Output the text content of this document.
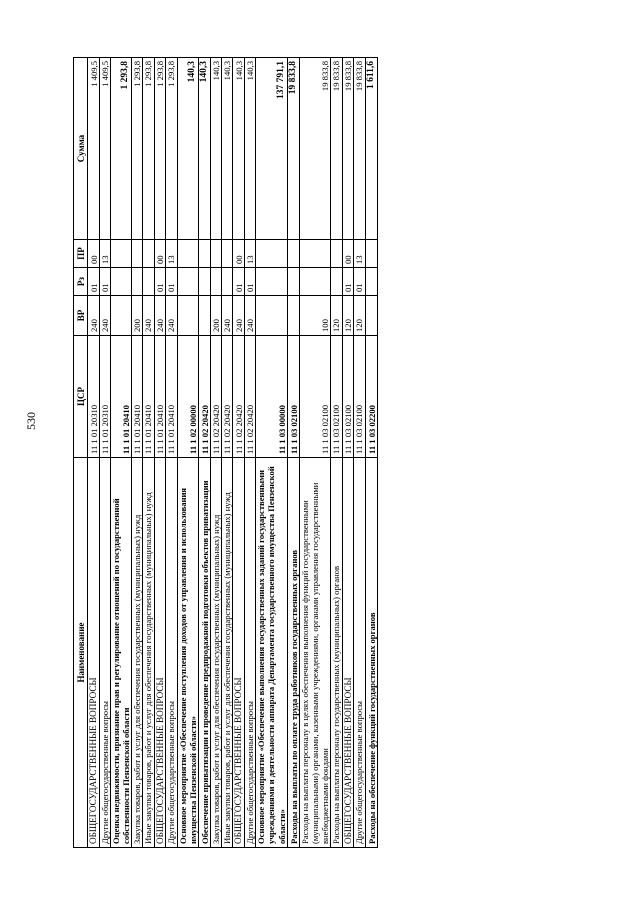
530
Наименование	ЦСР	ВР	Рз	ПР	Сумма
ОБЩЕГОСУДАРСТВЕННЫЕ ВОПРОСЫ	11 1 01 20310	240	01	00	1 409,5
Другие общегосударственные вопросы	11 1 01 20310	240	01	13	1 409,5
Оценка недвижимости, признание прав и регулирование отношений по государственной собственности Пензенской области	11 1 01 20410				1 293,8
Закупка товаров, работ и услуг для обеспечения государственных (муниципальных) нужд	11 1 01 20410	200			1 293,8
Иные закупки товаров, работ и услуг для обеспечения государственных (муниципальных) нужд	11 1 01 20410	240			1 293,8
ОБЩЕГОСУДАРСТВЕННЫЕ ВОПРОСЫ	11 1 01 20410	240	01	00	1 293,8
Другие общегосударственные вопросы	11 1 01 20410	240	01	13	1 293,8
Основное мероприятие «Обеспечение поступления доходов от управления и использования имущества Пензенской области»	11 1 02 00000				140,3
Обеспечение приватизации и проведение предпродажной подготовки объектов приватизации	11 1 02 20420				140,3
Закупка товаров, работ и услуг для обеспечения государственных (муниципальных) нужд	11 1 02 20420	200			140,3
Иные закупки товаров, работ и услуг для обеспечения государственных (муниципальных) нужд	11 1 02 20420	240			140,3
ОБЩЕГОСУДАРСТВЕННЫЕ ВОПРОСЫ	11 1 02 20420	240	01	00	140,3
Другие общегосударственные вопросы	11 1 02 20420	240	01	13	140,3
Основное мероприятие «Обеспечение выполнения государственных заданий государственными учреждениями и деятельности аппарата Департамента государственного имущества Пензенской области»	11 1 03 00000				137 791,1
Расходы на выплаты по оплате труда работников государственных органов	11 1 03 02100				19 833,8
Расходы на выплаты персоналу в целях обеспечения выполнения функций государственными (муниципальными) органами, казенными учреждениями, органами управления государственными внебюджетными фондами	11 1 03 02100	100			19 833,8
Расходы на выплаты персоналу государственных (муниципальных) органов	11 1 03 02100	120			19 833,8
ОБЩЕГОСУДАРСТВЕННЫЕ ВОПРОСЫ	11 1 03 02100	120	01	00	19 833,8
Другие общегосударственные вопросы	11 1 03 02100	120	01	13	19 833,8
Расходы на обеспечение функций государственных органов	11 1 03 02200				1 611,6
